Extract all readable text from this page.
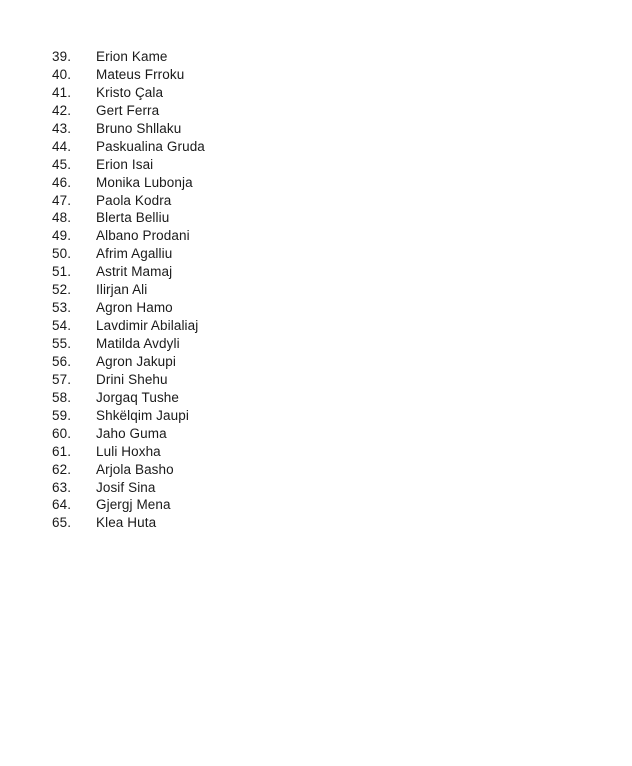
39.	Erion Kame
40.	Mateus Frroku
41.	Kristo Çala
42.	Gert Ferra
43.	Bruno Shllaku
44.	Paskualina Gruda
45.	Erion Isai
46.	Monika Lubonja
47.	Paola Kodra
48.	Blerta Belliu
49.	Albano Prodani
50.	Afrim Agalliu
51.	Astrit Mamaj
52.	Ilirjan Ali
53.	Agron Hamo
54.	Lavdimir Abilaliaj
55.	Matilda Avdyli
56.	Agron Jakupi
57.	Drini Shehu
58.	Jorgaq Tushe
59.	Shkëlqim Jaupi
60.	Jaho Guma
61.	Luli Hoxha
62.	Arjola Basho
63.	Josif Sina
64.	Gjergj Mena
65.	Klea Huta
